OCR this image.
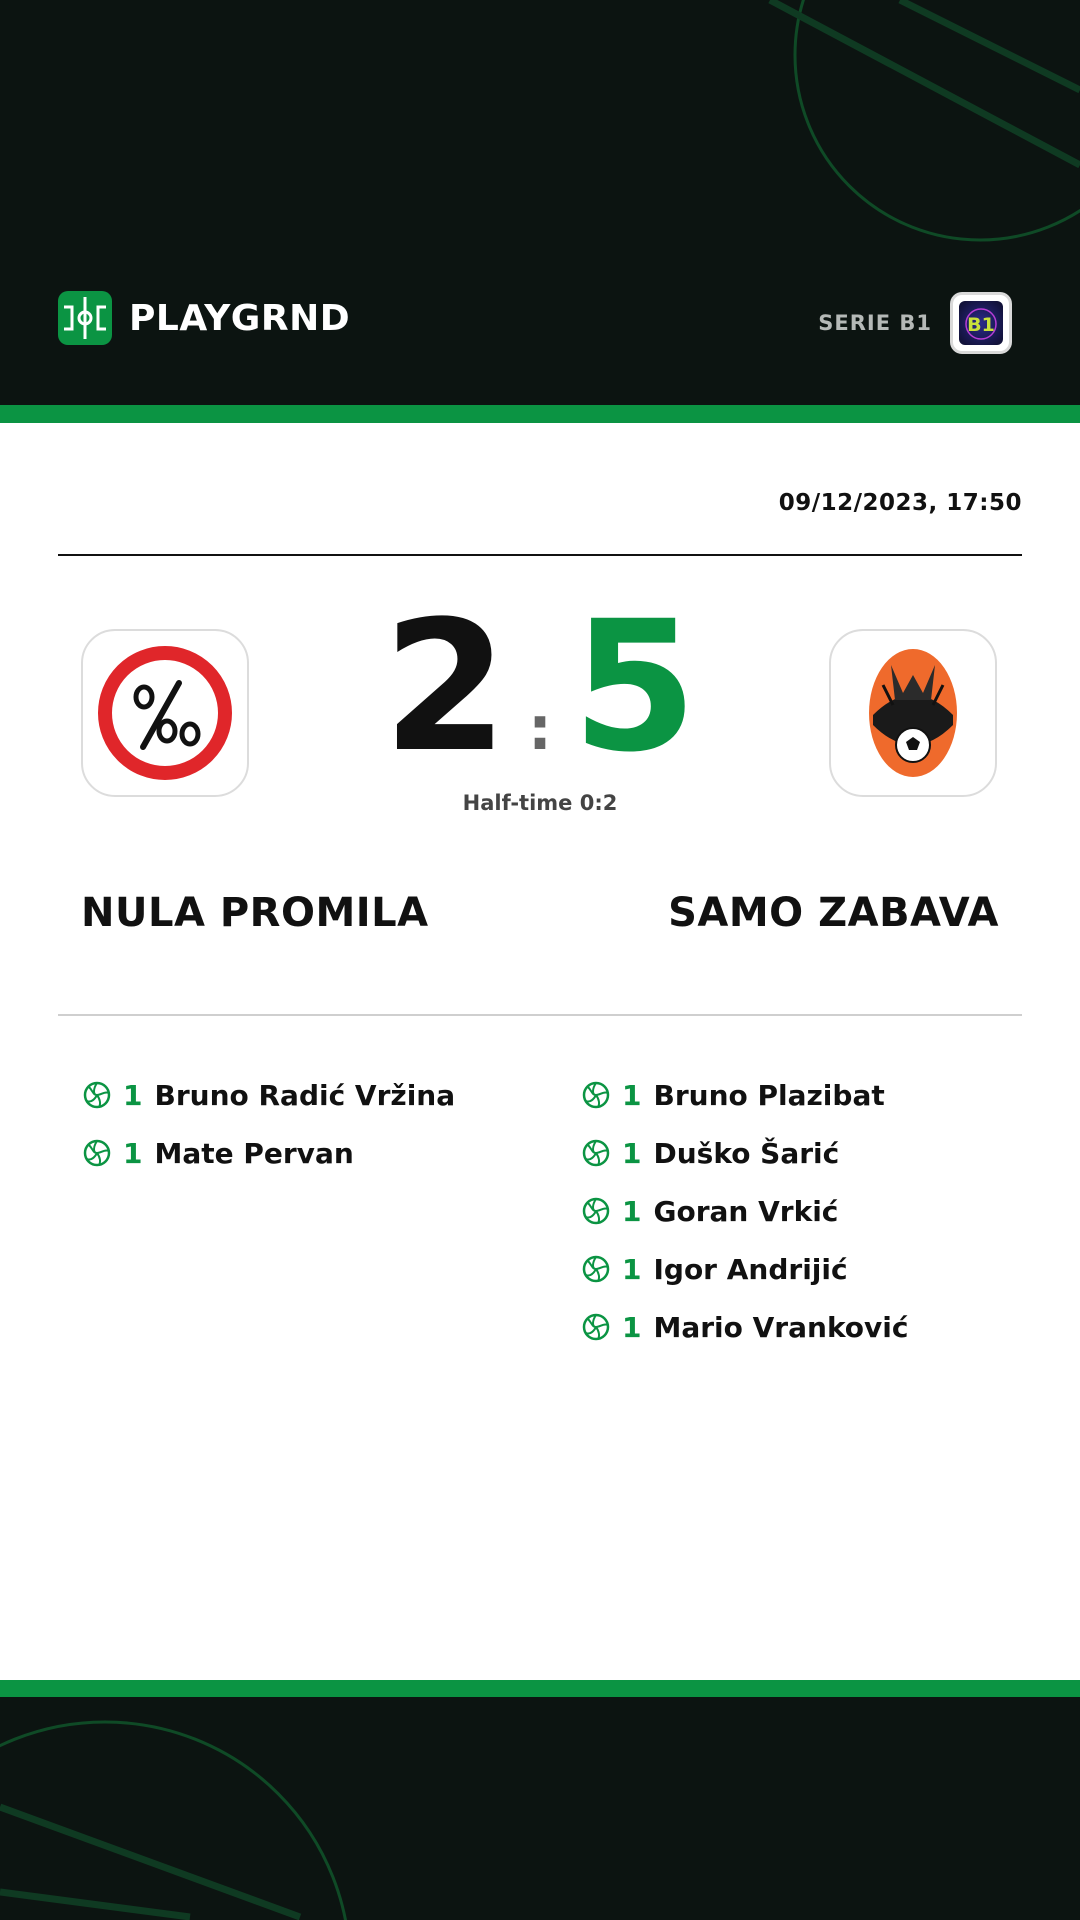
PLAYGRND	SERIE B1 B1
09/12/2023, 17:50
2 : 5
Half-time 0:2
NULA PROMILA	SAMO ZABAVA
1 Bruno Radić Vržina
1 Mate Pervan
1 Bruno Plazibat
1 Duško Šarić
1 Goran Vrkić
1 Igor Andrijić
1 Mario Vranković
